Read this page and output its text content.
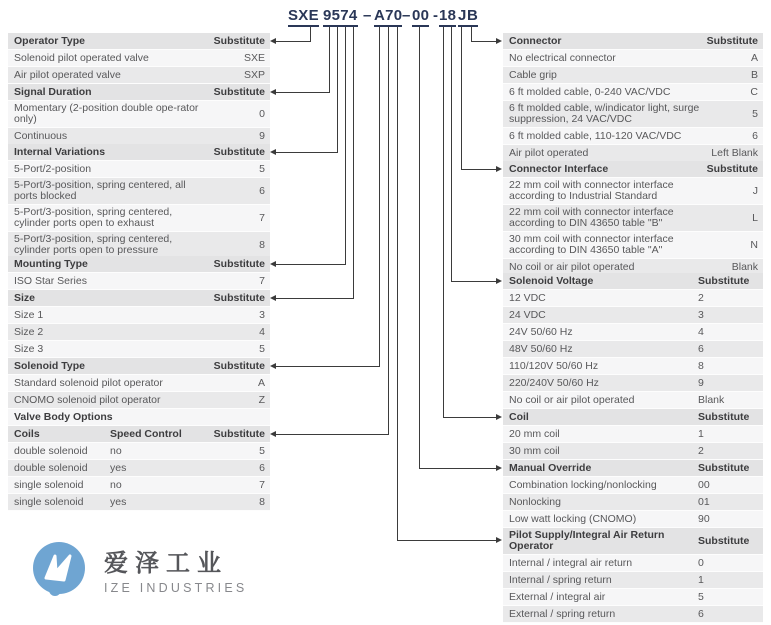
SXE 9574 – A70 – 00 - 18 J B
Operator Type	Substitute
Solenoid pilot operated valve	SXE
Air pilot operated valve	SXP
Signal Duration	Substitute
Momentary (2-position double ope-rator only)	0
Continuous	9
Internal Variations	Substitute
5-Port/2-position	5
5-Port/3-position, spring centered, all ports blocked	6
5-Port/3-position, spring centered, cylinder ports open to exhaust	7
5-Port/3-position, spring centered, cylinder ports open to pressure	8
Mounting Type	Substitute
ISO Star Series	7
Size	Substitute
Size 1	3
Size 2	4
Size 3	5
Solenoid Type	Substitute
Standard solenoid pilot operator	A
CNOMO solenoid pilot operator	Z
Valve Body Options
Coils	Speed Control	Substitute
double solenoid	no	5
double solenoid	yes	6
single solenoid	no	7
single solenoid	yes	8
Connector	Substitute
No electrical connector	A
Cable grip	B
6 ft molded cable, 0-240 VAC/VDC	C
6 ft molded cable, w/indicator light, surge suppression, 24 VAC/VDC	5
6 ft molded cable, 110-120 VAC/VDC	6
Air pilot operated	Left Blank
Connector Interface	Substitute
22 mm coil with connector interface according to Industrial Standard	J
22 mm coil with connector interface according to DIN 43650 table "B"	L
30 mm coil with connector interface according to DIN 43650 table "A"	N
No coil or air pilot operated	Blank
Solenoid Voltage	Substitute
12 VDC	2
24 VDC	3
24V 50/60 Hz	4
48V 50/60 Hz	6
110/120V 50/60 Hz	8
220/240V 50/60 Hz	9
No coil or air pilot operated	Blank
Coil	Substitute
20 mm coil	1
30 mm coil	2
Manual Override	Substitute
Combination locking/nonlocking	00
Nonlocking	01
Low watt locking (CNOMO)	90
Pilot Supply/Integral Air Return Operator	Substitute
Internal / integral air return	0
Internal / spring return	1
External / integral air	5
External / spring return	6
爱泽工业
IZE INDUSTRIES
